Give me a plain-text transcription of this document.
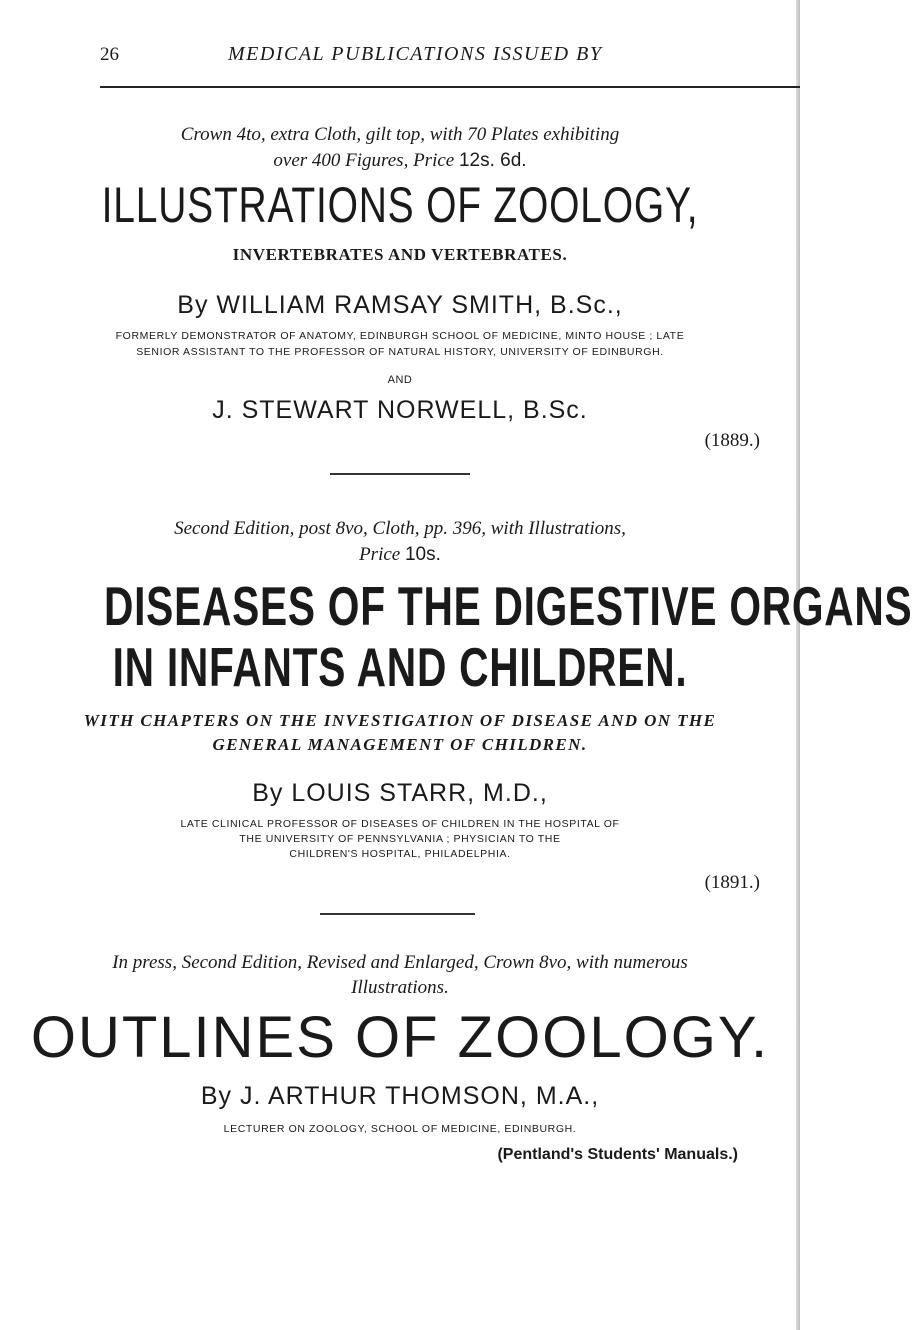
26	MEDICAL PUBLICATIONS ISSUED BY
Crown 4to, extra Cloth, gilt top, with 70 Plates exhibiting
over 400 Figures, Price 12s. 6d.
ILLUSTRATIONS OF ZOOLOGY,
INVERTEBRATES AND VERTEBRATES.
By WILLIAM RAMSAY SMITH, B.Sc.,
FORMERLY DEMONSTRATOR OF ANATOMY, EDINBURGH SCHOOL OF MEDICINE, MINTO HOUSE ; LATE
SENIOR ASSISTANT TO THE PROFESSOR OF NATURAL HISTORY, UNIVERSITY OF EDINBURGH.
AND
J. STEWART NORWELL, B.Sc.
(1889.)
Second Edition, post 8vo, Cloth, pp. 396, with Illustrations,
Price 10s.
DISEASES OF THE DIGESTIVE ORGANS
IN INFANTS AND CHILDREN.
WITH CHAPTERS ON THE INVESTIGATION OF DISEASE AND ON THE
GENERAL MANAGEMENT OF CHILDREN.
By LOUIS STARR, M.D.,
LATE CLINICAL PROFESSOR OF DISEASES OF CHILDREN IN THE HOSPITAL OF
THE UNIVERSITY OF PENNSYLVANIA ; PHYSICIAN TO THE
CHILDREN'S HOSPITAL, PHILADELPHIA.
(1891.)
In press, Second Edition, Revised and Enlarged, Crown 8vo, with numerous
Illustrations.
OUTLINES OF ZOOLOGY.
By J. ARTHUR THOMSON, M.A.,
LECTURER ON ZOOLOGY, SCHOOL OF MEDICINE, EDINBURGH.
(Pentland's Students' Manuals.)
